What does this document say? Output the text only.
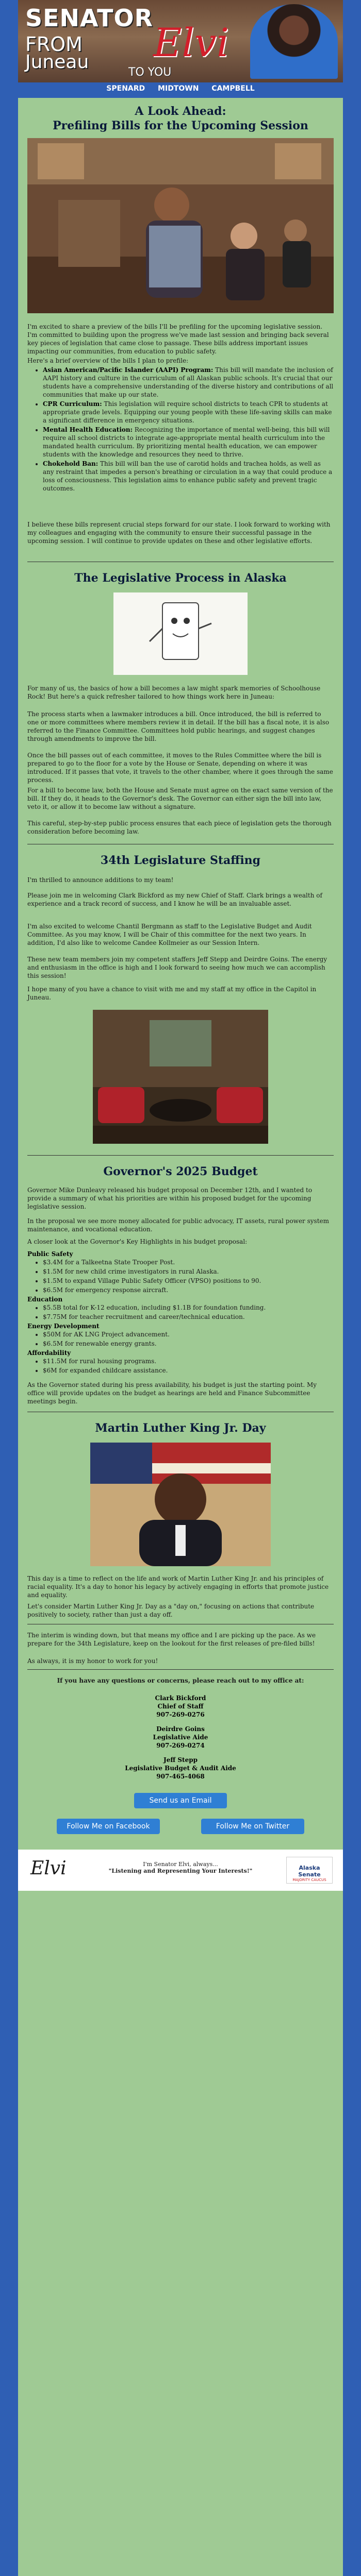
SENATOR
FROM
Juneau Elvi
TO YOU
SPENARD MIDTOWN CAMPBELL
A Look Ahead:
Prefiling Bills for the Upcoming Session
I'm excited to share a preview of the bills I'll be prefiling for the upcoming legislative session. I'm committed to building upon the progress we've made last session and bringing back several key pieces of legislation that came close to passage. These bills address important issues impacting our communities, from education to public safety.
Here's a brief overview of the bills I plan to prefile:
• Asian American/Pacific Islander (AAPI) Program: This bill will mandate the inclusion of AAPI history and culture in the curriculum of all Alaskan public schools. It's crucial that our students have a comprehensive understanding of the diverse history and contributions of all communities that make up our state.
• CPR Curriculum: This legislation will require school districts to teach CPR to students at appropriate grade levels. Equipping our young people with these life-saving skills can make a significant difference in emergency situations.
• Mental Health Education: Recognizing the importance of mental well-being, this bill will require all school districts to integrate age-appropriate mental health curriculum into the mandated health curriculum. By prioritizing mental health education, we can empower students with the knowledge and resources they need to thrive.
• Chokehold Ban: This bill will ban the use of carotid holds and trachea holds, as well as any restraint that impedes a person's breathing or circulation in a way that could produce a loss of consciousness. This legislation aims to enhance public safety and prevent tragic outcomes.
I believe these bills represent crucial steps forward for our state. I look forward to working with my colleagues and engaging with the community to ensure their successful passage in the upcoming session. I will continue to provide updates on these and other legislative efforts.
The Legislative Process in Alaska
For many of us, the basics of how a bill becomes a law might spark memories of Schoolhouse Rock! But here's a quick refresher tailored to how things work here in Juneau:
The process starts when a lawmaker introduces a bill. Once introduced, the bill is referred to one or more committees where members review it in detail. If the bill has a fiscal note, it is also referred to the Finance Committee. Committees hold public hearings, and suggest changes through amendments to improve the bill.
Once the bill passes out of each committee, it moves to the Rules Committee where the bill is prepared to go to the floor for a vote by the House or Senate, depending on where it was introduced. If it passes that vote, it travels to the other chamber, where it goes through the same process.
For a bill to become law, both the House and Senate must agree on the exact same version of the bill. If they do, it heads to the Governor's desk. The Governor can either sign the bill into law, veto it, or allow it to become law without a signature.
This careful, step-by-step public process ensures that each piece of legislation gets the thorough consideration before becoming law.
34th Legislature Staffing
I'm thrilled to announce additions to my team!
Please join me in welcoming Clark Bickford as my new Chief of Staff. Clark brings a wealth of experience and a track record of success, and I know he will be an invaluable asset.
I'm also excited to welcome Chantil Bergmann as staff to the Legislative Budget and Audit Committee. As you may know, I will be Chair of this committee for the next two years. In addition, I'd also like to welcome Candee Kollmeier as our Session Intern.
These new team members join my competent staffers Jeff Stepp and Deirdre Goins. The energy and enthusiasm in the office is high and I look forward to seeing how much we can accomplish this session!
I hope many of you have a chance to visit with me and my staff at my office in the Capitol in Juneau.
Governor's 2025 Budget
Governor Mike Dunleavy released his budget proposal on December 12th, and I wanted to provide a summary of what his priorities are within his proposed budget for the upcoming legislative session.
In the proposal we see more money allocated for public advocacy, IT assets, rural power system maintenance, and vocational education.
A closer look at the Governor's Key Highlights in his budget proposal:
Public Safety
• $3.4M for a Talkeetna State Trooper Post.
• $1.5M for new child crime investigators in rural Alaska.
• $1.5M to expand Village Public Safety Officer (VPSO) positions to 90.
• $6.5M for emergency response aircraft.
Education
• $5.5B total for K-12 education, including $1.1B for foundation funding.
• $7.75M for teacher recruitment and career/technical education.
Energy Development
• $50M for AK LNG Project advancement.
• $6.5M for renewable energy grants.
Affordability
• $11.5M for rural housing programs.
• $6M for expanded childcare assistance.
As the Governor stated during his press availability, his budget is just the starting point. My office will provide updates on the budget as hearings are held and Finance Subcommittee meetings begin.
Martin Luther King Jr. Day
This day is a time to reflect on the life and work of Martin Luther King Jr. and his principles of racial equality. It's a day to honor his legacy by actively engaging in efforts that promote justice and equality.
Let's consider Martin Luther King Jr. Day as a "day on," focusing on actions that contribute positively to society, rather than just a day off.
The interim is winding down, but that means my office and I are picking up the pace. As we prepare for the 34th Legislature, keep on the lookout for the first releases of pre-filed bills!
As always, it is my honor to work for you!
If you have any questions or concerns, please reach out to my office at:
Clark Bickford
Chief of Staff
907-269-0276
Deirdre Goins
Legislative Aide
907-269-0274
Jeff Stepp
Legislative Budget & Audit Aide
907-465-4068
Send us an Email
Follow Me on Facebook	Follow Me on Twitter
Elvi	I'm Senator Elvi, always...
"Listening and Representing Your Interests!"	Alaska Senate
MAJORITY CAUCUS
